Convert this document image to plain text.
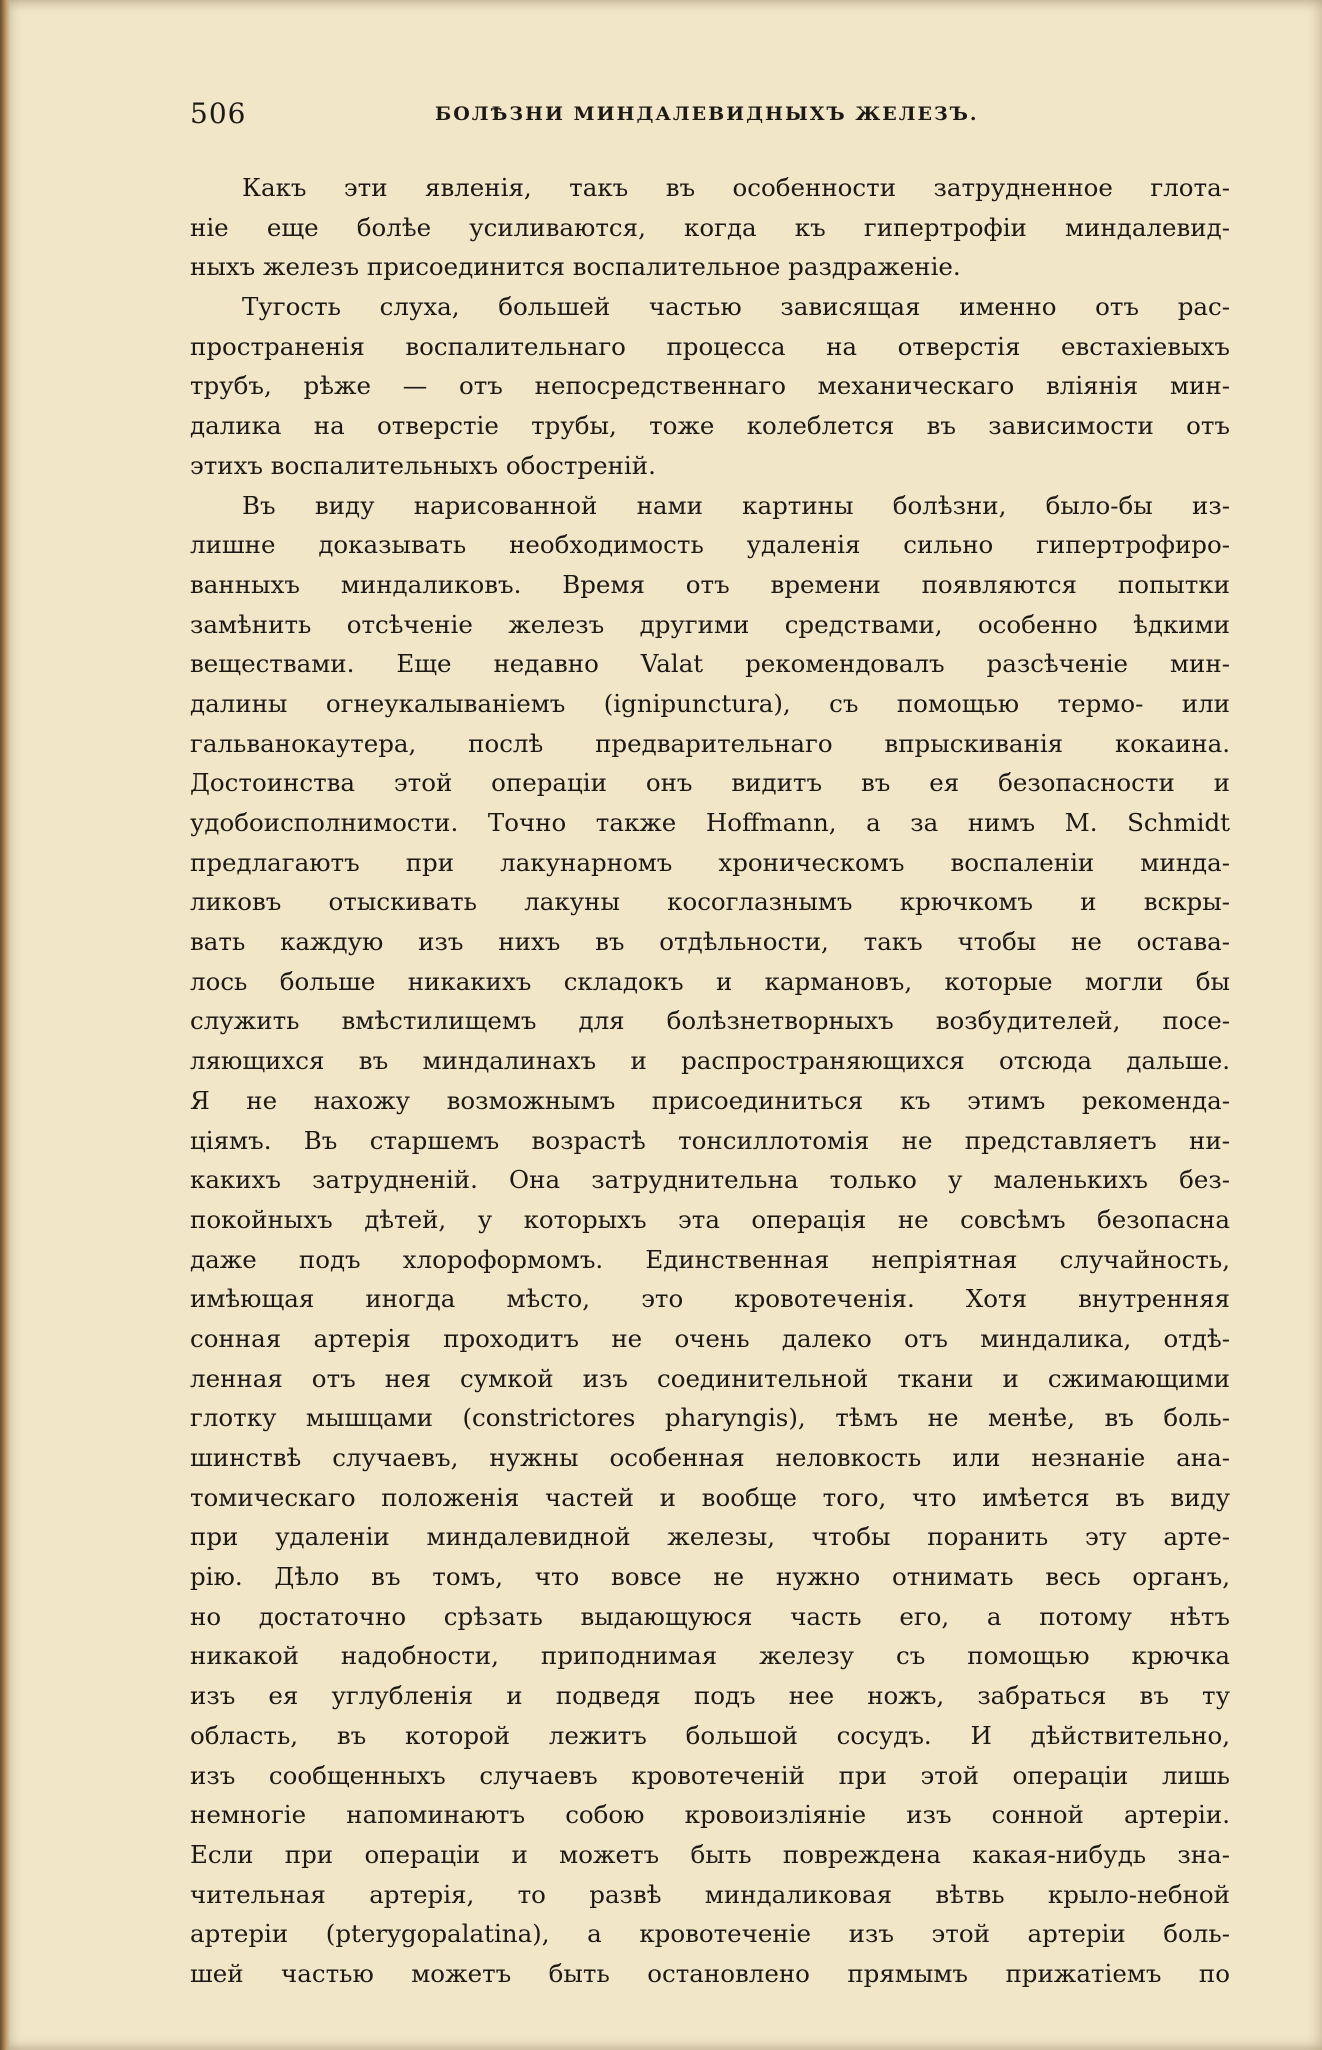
506	БОЛѢЗНИ МИНДАЛЕВИДНЫХЪ ЖЕЛЕЗЪ.
Какъ эти явленія, такъ въ особенности затрудненное глота-
ніе еще болѣе усиливаются, когда къ гипертрофіи миндалевид-
ныхъ железъ присоединится воспалительное раздраженіе.
Тугость слуха, большей частью зависящая именно отъ рас-
пространенія воспалительнаго процесса на отверстія евстахіевыхъ
трубъ, рѣже — отъ непосредственнаго механическаго вліянія мин-
далика на отверстіе трубы, тоже колеблется въ зависимости отъ
этихъ воспалительныхъ обостреній.
Въ виду нарисованной нами картины болѣзни, было-бы из-
лишне доказывать необходимость удаленія сильно гипертрофиро-
ванныхъ миндаликовъ. Время отъ времени появляются попытки
замѣнить отсѣченіе железъ другими средствами, особенно ѣдкими
веществами. Еще недавно Valat рекомендовалъ разсѣченіе мин-
далины огнеукалываніемъ (ignipunctura), съ помощью термо- или
гальванокаутера, послѣ предварительнаго впрыскиванія кокаина.
Достоинства этой операціи онъ видитъ въ ея безопасности и
удобоисполнимости. Точно также Hoffmann, а за нимъ M. Schmidt
предлагаютъ при лакунарномъ хроническомъ воспаленіи минда-
ликовъ отыскивать лакуны косоглазнымъ крючкомъ и вскры-
вать каждую изъ нихъ въ отдѣльности, такъ чтобы не остава-
лось больше никакихъ складокъ и кармановъ, которые могли бы
служить вмѣстилищемъ для болѣзнетворныхъ возбудителей, посе-
ляющихся въ миндалинахъ и распространяющихся отсюда дальше.
Я не нахожу возможнымъ присоединиться къ этимъ рекоменда-
ціямъ. Въ старшемъ возрастѣ тонсиллотомія не представляетъ ни-
какихъ затрудненій. Она затруднительна только у маленькихъ без-
покойныхъ дѣтей, у которыхъ эта операція не совсѣмъ безопасна
даже подъ хлороформомъ. Единственная непріятная случайность,
имѣющая иногда мѣсто, это кровотеченія. Хотя внутренняя
сонная артерія проходитъ не очень далеко отъ миндалика, отдѣ-
ленная отъ нея сумкой изъ соединительной ткани и сжимающими
глотку мышцами (constrictores pharyngis), тѣмъ не менѣе, въ боль-
шинствѣ случаевъ, нужны особенная неловкость или незнаніе ана-
томическаго положенія частей и вообще того, что имѣется въ виду
при удаленіи миндалевидной железы, чтобы поранить эту арте-
рію. Дѣло въ томъ, что вовсе не нужно отнимать весь органъ,
но достаточно срѣзать выдающуюся часть его, а потому нѣтъ
никакой надобности, приподнимая железу съ помощью крючка
изъ ея углубленія и подведя подъ нее ножъ, забраться въ ту
область, въ которой лежитъ большой сосудъ. И дѣйствительно,
изъ сообщенныхъ случаевъ кровотеченій при этой операціи лишь
немногіе напоминаютъ собою кровоизліяніе изъ сонной артеріи.
Если при операціи и можетъ быть повреждена какая-нибудь зна-
чительная артерія, то развѣ миндаликовая вѣтвь крыло-небной
артеріи (pterygopalatina), а кровотеченіе изъ этой артеріи боль-
шей частью можетъ быть остановлено прямымъ прижатіемъ по
